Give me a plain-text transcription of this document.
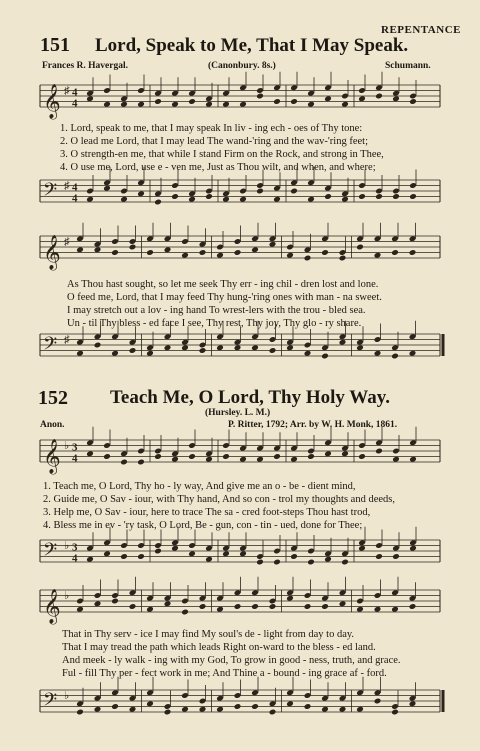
REPENTANCE
151 Lord, Speak to Me, That I May Speak.
Frances R. Havergal.	(Canonbury. 8s.)	Schumann.
1. Lord, speak to me, that I may speak In liv - ing ech - oes of Thy tone:
2. O lead me Lord, that I may lead The wand-'ring and the wav-'ring feet;
3. O strength-en me, that while I stand Firm on the Rock, and strong in Thee,
4. O use me, Lord, use e - ven me, Just as Thou wilt, and when, and where;
As Thou hast sought, so let me seek Thy err - ing chil - dren lost and lone.
O feed me, Lord, that I may feed Thy hung-'ring ones with man - na sweet.
I may stretch out a lov - ing hand To wrest-lers with the trou - bled sea.
Un - til Thy bless - ed face I see, Thy rest, Thy joy, Thy glo - ry share.
152 Teach Me, O Lord, Thy Holy Way.
(Hursley. L. M.)
Anon.	P. Ritter, 1792; Arr. by W. H. Monk, 1861.
1. Teach me, O Lord, Thy ho - ly way, And give me an o - be - dient mind,
2. Guide me, O Sav - iour, with Thy hand, And so con - trol my thoughts and deeds,
3. Help me, O Sav - iour, here to trace The sa - cred foot-steps Thou hast trod,
4. Bless me in ev - 'ry task, O Lord, Be - gun, con - tin - ued, done for Thee;
That in Thy serv - ice I may find My soul's de - light from day to day.
That I may tread the path which leads Right on-ward to the bless - ed land.
And meek - ly walk - ing with my God, To grow in good - ness, truth, and grace.
Ful - fill Thy per - fect work in me; And Thine a - bound - ing grace af - ford.
𝄞 ♯ 4
4
𝄢 ♯ 4
4
𝄞 ♯
𝄢 ♯
𝄞 ♭ 3
4
𝄢 ♭ 3
4
𝄞 ♭
𝄢 ♭
